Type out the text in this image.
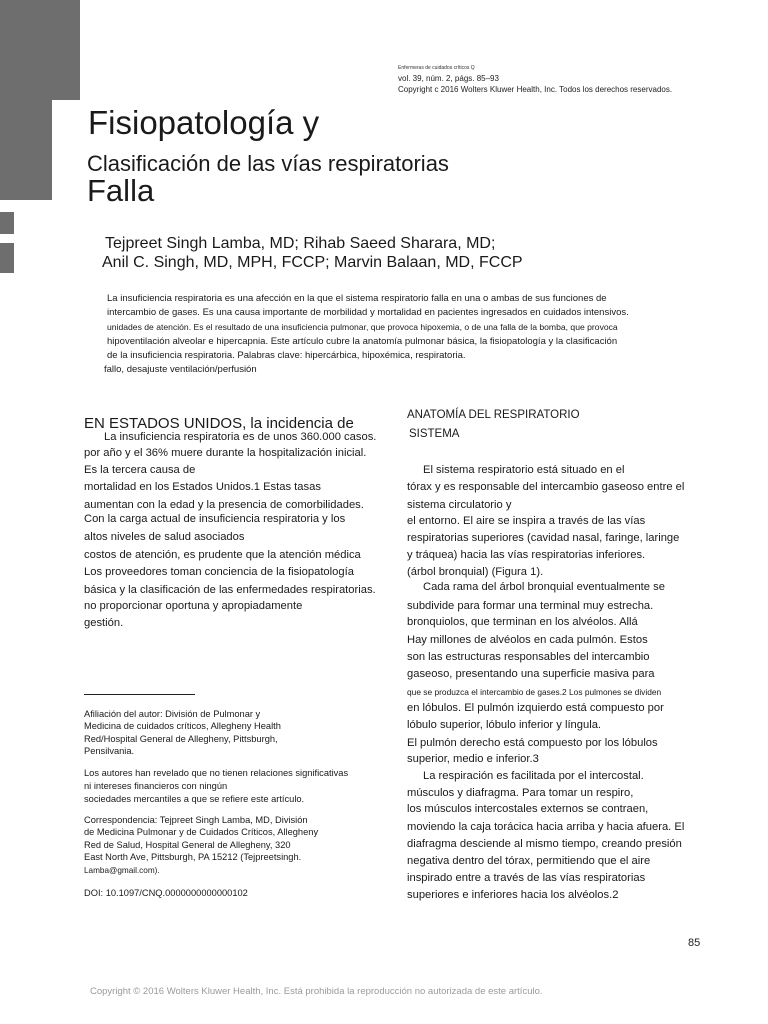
Enfermeras de cuidados críticos Q
vol. 39, núm. 2, págs. 85–93
Copyright c 2016 Wolters Kluwer Health, Inc. Todos los derechos reservados.
Fisiopatología y
Clasificación de las vías respiratorias
Falla
Tejpreet Singh Lamba, MD; Rihab Saeed Sharara, MD;
Anil C. Singh, MD, MPH, FCCP; Marvin Balaan, MD, FCCP
La insuficiencia respiratoria es una afección en la que el sistema respiratorio falla en una o ambas de sus funciones de
intercambio de gases. Es una causa importante de morbilidad y mortalidad en pacientes ingresados en cuidados intensivos.
unidades de atención. Es el resultado de una insuficiencia pulmonar, que provoca hipoxemia, o de una falla de la bomba, que provoca
hipoventilación alveolar e hipercapnia. Este artículo cubre la anatomía pulmonar básica, la fisiopatología y la clasificación
de la insuficiencia respiratoria. Palabras clave: hipercárbica, hipoxémica, respiratoria.
fallo, desajuste ventilación/perfusión
EN ESTADOS UNIDOS, la incidencia de
La insuficiencia respiratoria es de unos 360.000 casos.
por año y el 36% muere durante la hospitalización inicial.
Es la tercera causa de
mortalidad en los Estados Unidos.1 Estas tasas
aumentan con la edad y la presencia de comorbilidades.
Con la carga actual de insuficiencia respiratoria y los
altos niveles de salud asociados
costos de atención, es prudente que la atención médica
Los proveedores toman conciencia de la fisiopatología
básica y la clasificación de las enfermedades respiratorias.
no proporcionar oportuna y apropiadamente
gestión.
Afiliación del autor: División de Pulmonar y
Medicina de cuidados críticos, Allegheny Health
Red/Hospital General de Allegheny, Pittsburgh,
Pensilvania.
Los autores han revelado que no tienen relaciones significativas
ni intereses financieros con ningún
sociedades mercantiles a que se refiere este artículo.
Correspondencia: Tejpreet Singh Lamba, MD, División
de Medicina Pulmonar y de Cuidados Críticos, Allegheny
Red de Salud, Hospital General de Allegheny, 320
East North Ave, Pittsburgh, PA 15212 (Tejpreetsingh.
Lamba@gmail.com).
DOI: 10.1097/CNQ.0000000000000102
ANATOMÍA DEL RESPIRATORIO
SISTEMA
El sistema respiratorio está situado en el
tórax y es responsable del intercambio gaseoso entre el
sistema circulatorio y
el entorno. El aire se inspira a través de las vías
respiratorias superiores (cavidad nasal, faringe, laringe
y tráquea) hacia las vías respiratorias inferiores.
(árbol bronquial) (Figura 1).
Cada rama del árbol bronquial eventualmente se
subdivide para formar una terminal muy estrecha.
bronquiolos, que terminan en los alvéolos. Allá
Hay millones de alvéolos en cada pulmón. Estos
son las estructuras responsables del intercambio
gaseoso, presentando una superficie masiva para
que se produzca el intercambio de gases.2 Los pulmones se dividen
en lóbulos. El pulmón izquierdo está compuesto por
lóbulo superior, lóbulo inferior y língula.
El pulmón derecho está compuesto por los lóbulos
superior, medio e inferior.3
La respiración es facilitada por el intercostal.
músculos y diafragma. Para tomar un respiro,
los músculos intercostales externos se contraen,
moviendo la caja torácica hacia arriba y hacia afuera. El
diafragma desciende al mismo tiempo, creando presión
negativa dentro del tórax, permitiendo que el aire
inspirado entre a través de las vías respiratorias
superiores e inferiores hacia los alvéolos.2
85
Copyright © 2016 Wolters Kluwer Health, Inc. Está prohibida la reproducción no autorizada de este artículo.
